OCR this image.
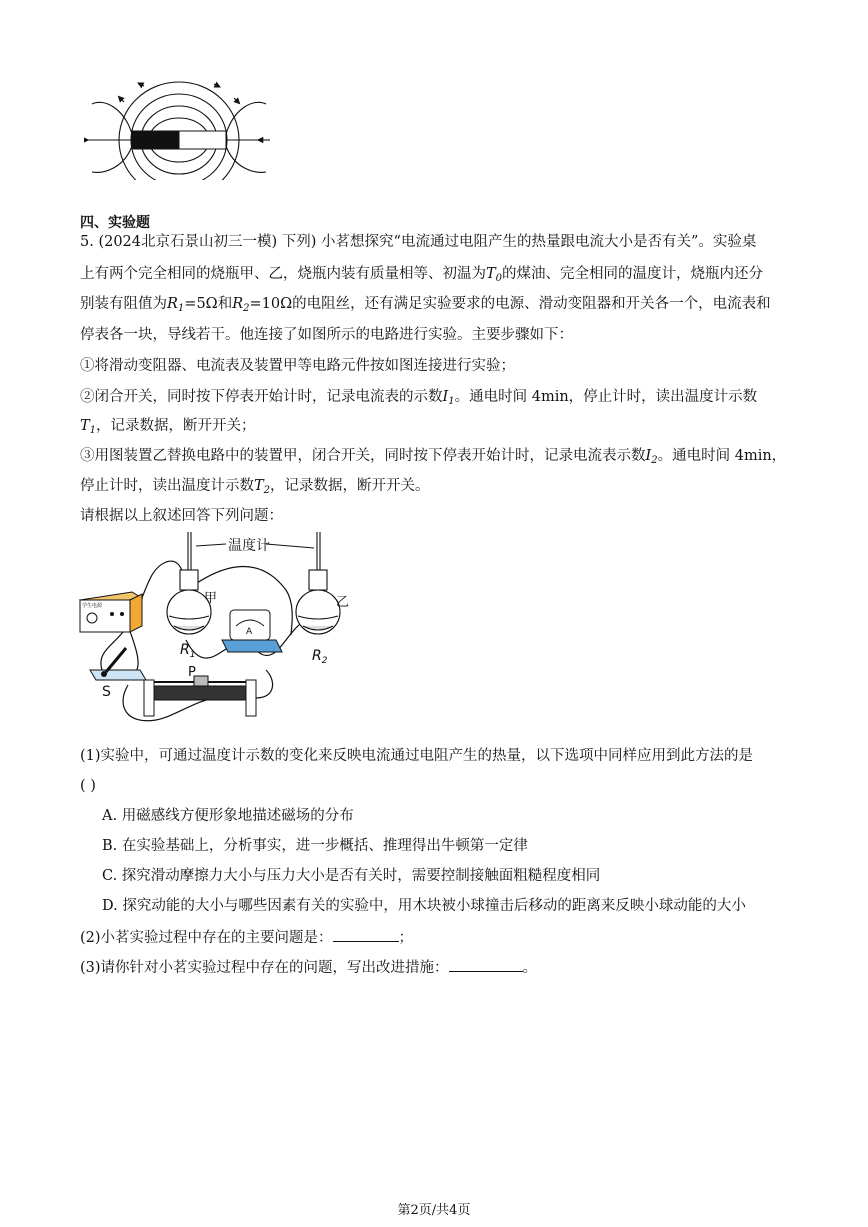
四、实验题
5. (2024北京石景山初三一模) 下列) 小茗想探究“电流通过电阻产生的热量跟电流大小是否有关”。实验桌
上有两个完全相同的烧瓶甲、乙，烧瓶内装有质量相等、初温为$T_0$的煤油、完全相同的温度计，烧瓶内还分
别装有阻值为$R_1=5\Omega$和$R_2=10\Omega$的电阻丝，还有满足实验要求的电源、滑动变阻器和开关各一个，电流表和
停表各一块，导线若干。他连接了如图所示的电路进行实验。主要步骤如下：
①将滑动变阻器、电流表及装置甲等电路元件按如图连接进行实验；
②闭合开关，同时按下停表开始计时，记录电流表的示数$I_1$。通电时间 4min，停止计时，读出温度计示数
$T_1$，记录数据，断开开关；
③用图装置乙替换电路中的装置甲，闭合开关，同时按下停表开始计时，记录电流表示数$I_2$。通电时间 4min，
停止计时，读出温度计示数$T_2$，记录数据，断开开关。
请根据以上叙述回答下列问题：
温度计
甲
$R_1$
乙
$R_2$
学生电源
A
S
P
(1)实验中，可通过温度计示数的变化来反映电流通过电阻产生的热量，以下选项中同样应用到此方法的是
( )
A. 用磁感线方便形象地描述磁场的分布
B. 在实验基础上，分析事实，进一步概括、推理得出牛顿第一定律
C. 探究滑动摩擦力大小与压力大小是否有关时，需要控制接触面粗糙程度相同
D. 探究动能的大小与哪些因素有关的实验中，用木块被小球撞击后移动的距离来反映小球动能的大小
(2)小茗实验过程中存在的主要问题是：	；
(3)请你针对小茗实验过程中存在的问题，写出改进措施：	。
第2页/共4页
